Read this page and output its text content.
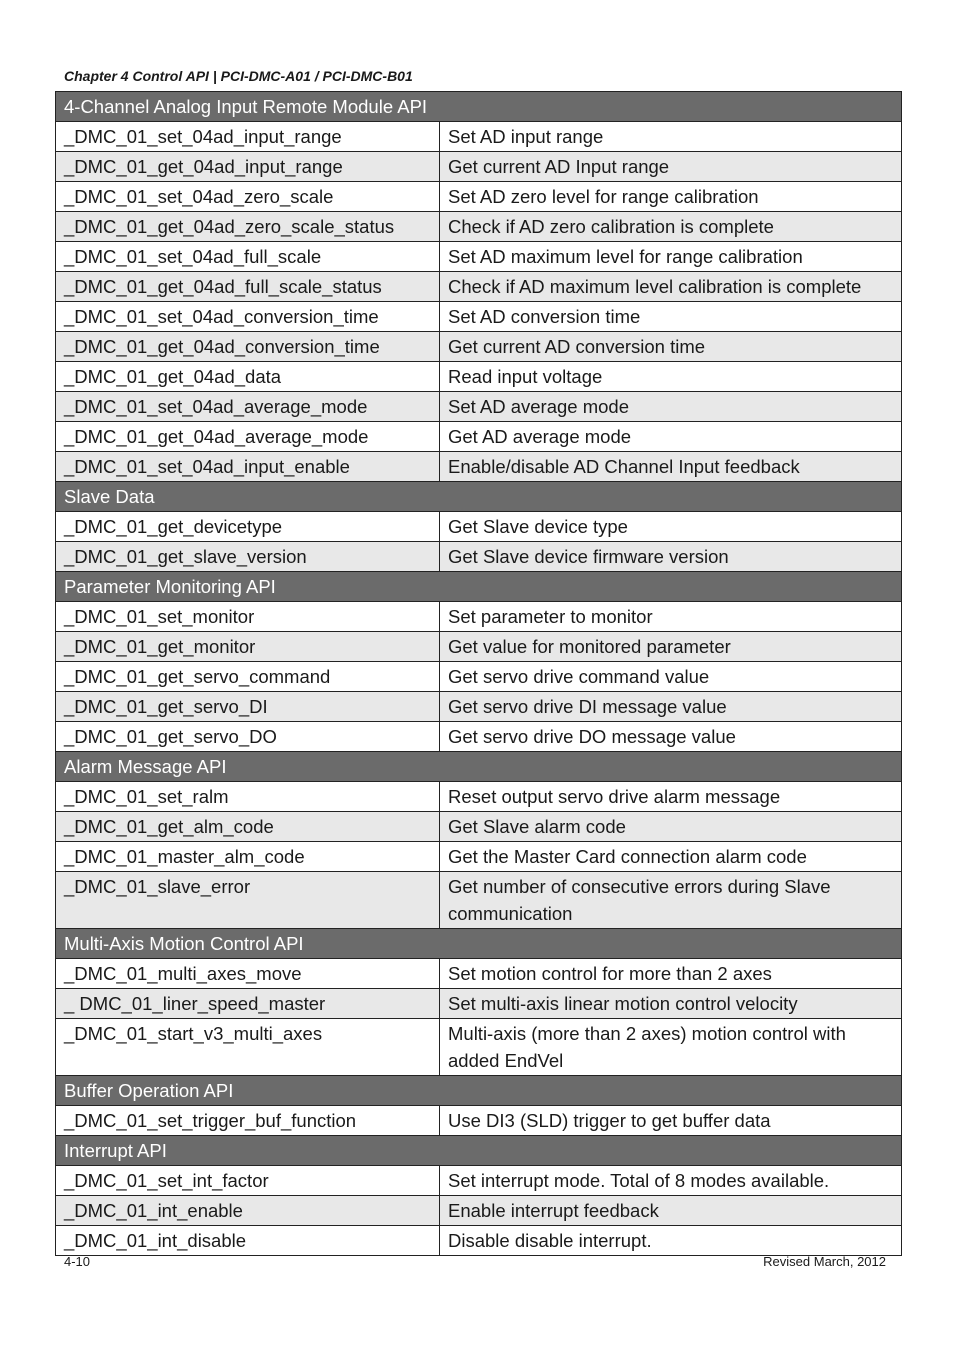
Chapter 4 Control API | PCI-DMC-A01 / PCI-DMC-B01
4-Channel Analog Input Remote Module API	
_DMC_01_set_04ad_input_range	Set AD input range
_DMC_01_get_04ad_input_range	Get current AD Input range
_DMC_01_set_04ad_zero_scale	Set AD zero level for range calibration
_DMC_01_get_04ad_zero_scale_status	Check if AD zero calibration is complete
_DMC_01_set_04ad_full_scale	Set AD maximum level for range calibration
_DMC_01_get_04ad_full_scale_status	Check if AD maximum level calibration is complete
_DMC_01_set_04ad_conversion_time	Set AD conversion time
_DMC_01_get_04ad_conversion_time	Get current AD conversion time
_DMC_01_get_04ad_data	Read input voltage
_DMC_01_set_04ad_average_mode	Set AD average mode
_DMC_01_get_04ad_average_mode	Get AD average mode
_DMC_01_set_04ad_input_enable	Enable/disable AD Channel Input feedback
Slave Data	
_DMC_01_get_devicetype	Get Slave device type
_DMC_01_get_slave_version	Get Slave device firmware version
Parameter Monitoring API	
_DMC_01_set_monitor	Set parameter to monitor
_DMC_01_get_monitor	Get value for monitored parameter
_DMC_01_get_servo_command	Get servo drive command value
_DMC_01_get_servo_DI	Get servo drive DI message value
_DMC_01_get_servo_DO	Get servo drive DO message value
Alarm Message API	
_DMC_01_set_ralm	Reset output servo drive alarm message
_DMC_01_get_alm_code	Get Slave alarm code
_DMC_01_master_alm_code	Get the Master Card connection alarm code
_DMC_01_slave_error	Get number of consecutive errors during Slave communication
Multi-Axis Motion Control API	
_DMC_01_multi_axes_move	Set motion control for more than 2 axes
_ DMC_01_liner_speed_master	Set multi-axis linear motion control velocity
_DMC_01_start_v3_multi_axes	Multi-axis (more than 2 axes) motion control with added EndVel
Buffer Operation API	
_DMC_01_set_trigger_buf_function	Use DI3 (SLD) trigger to get buffer data
Interrupt API	
_DMC_01_set_int_factor	Set interrupt mode. Total of 8 modes available.
_DMC_01_int_enable	Enable interrupt feedback
_DMC_01_int_disable	Disable disable interrupt.
4-10	Revised March, 2012
